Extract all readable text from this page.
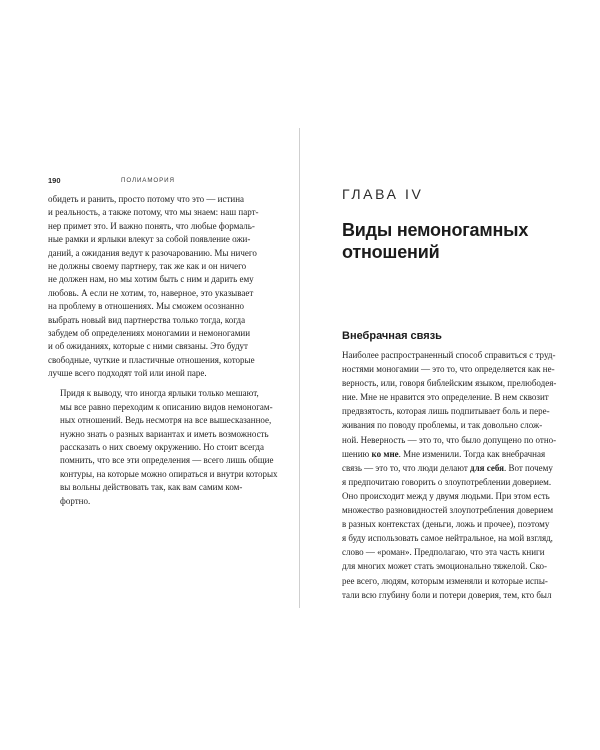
190	ПОЛИАМОРИЯ
обидеть и ранить, просто потому что это — истина
и реальность, а также потому, что мы знаем: наш парт-
нер примет это. И важно понять, что любые формаль-
ные рамки и ярлыки влекут за собой появление ожи-
даний, а ожидания ведут к разочарованию. Мы ничего
не должны своему партнеру, так же как и он ничего
не должен нам, но мы хотим быть с ним и дарить ему
любовь. А если не хотим, то, наверное, это указывает
на проблему в отношениях. Мы сможем осознанно
выбрать новый вид партнерства только тогда, когда
забудем об определениях моногамии и немоногамии
и об ожиданиях, которые с ними связаны. Это будут
свободные, чуткие и пластичные отношения, которые
лучше всего подходят той или иной паре.
Придя к выводу, что иногда ярлыки только мешают,
мы все равно переходим к описанию видов немоногам-
ных отношений. Ведь несмотря на все вышесказанное,
нужно знать о разных вариантах и иметь возможность
рассказать о них своему окружению. Но стоит всегда
помнить, что все эти определения — всего лишь общие
контуры, на которые можно опираться и внутри которых
вы вольны действовать так, как вам самим ком-
фортно.
ГЛАВА IV
Виды немоногамных
отношений
Внебрачная связь
Наиболее распространенный способ справиться с труд-
ностями моногамии — это то, что определяется как не-
верность, или, говоря библейским языком, прелюбодея-
ние. Мне не нравится это определение. В нем сквозит
предвзятость, которая лишь подпитывает боль и пере-
живания по поводу проблемы, и так довольно слож-
ной. Неверность — это то, что было допущено по отно-
шению ко мне. Мне изменили. Тогда как внебрачная
связь — это то, что люди делают для себя. Вот почему
я предпочитаю говорить о злоупотреблении доверием.
Оно происходит межд у двумя людьми. При этом есть
множество разновидностей злоупотребления доверием
в разных контекстах (деньги, ложь и прочее), поэтому
я буду использовать самое нейтральное, на мой взгляд,
слово — «роман». Предполагаю, что эта часть книги
для многих может стать эмоционально тяжелой. Ско-
рее всего, людям, которым изменяли и которые испы-
тали всю глубину боли и потери доверия, тем, кто был
